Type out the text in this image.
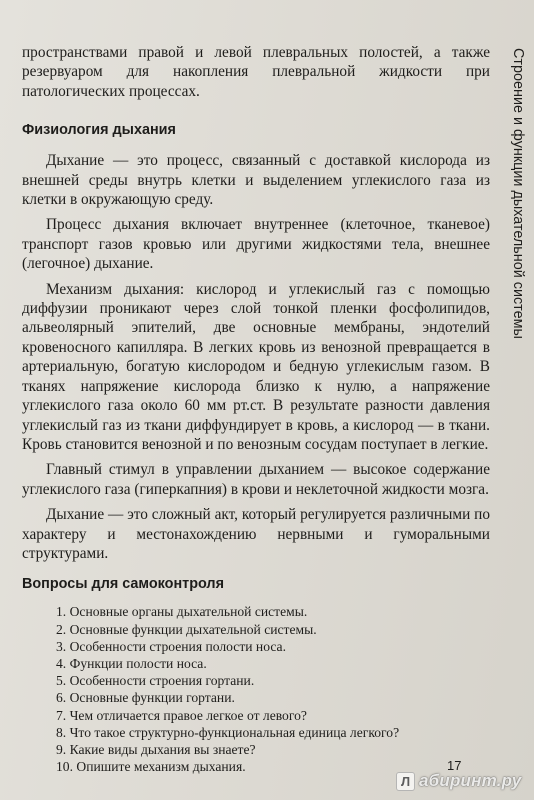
пространствами правой и левой плевральных полостей, а также резервуаром для накопления плевральной жидкости при патологических процессах.

Физиология дыхания

Дыхание — это процесс, связанный с доставкой кислорода из внешней среды внутрь клетки и выделением углекислого газа из клетки в окружающую среду.

Процесс дыхания включает внутреннее (клеточное, тканевое) транспорт газов кровью или другими жидкостями тела, внешнее (легочное) дыхание.

Механизм дыхания: кислород и углекислый газ с помощью диффузии проникают через слой тонкой пленки фосфолипидов, альвеолярный эпителий, две основные мембраны, эндотелий кровеносного капилляра. В легких кровь из венозной превращается в артериальную, богатую кислородом и бедную углекислым газом. В тканях напряжение кислорода близко к нулю, а напряжение углекислого газа около 60 мм рт.ст. В результате разности давления углекислый газ из ткани диффундирует в кровь, а кислород — в ткани. Кровь становится венозной и по венозным сосудам поступает в легкие.

Главный стимул в управлении дыханием — высокое содержание углекислого газа (гиперкапния) в крови и неклеточной жидкости мозга.

Дыхание — это сложный акт, который регулируется различными по характеру и местонахождению нервными и гуморальными структурами.

Вопросы для самоконтроля
1. Основные органы дыхательной системы.
2. Основные функции дыхательной системы.
3. Особенности строения полости носа.
4. Функции полости носа.
5. Особенности строения гортани.
6. Основные функции гортани.
7. Чем отличается правое легкое от левого?
8. Что такое структурно-функциональная единица легкого?
9. Какие виды дыхания вы знаете?
10. Опишите механизм дыхания.
Строение и функции дыхательной системы
17
Л абиринт.ру
